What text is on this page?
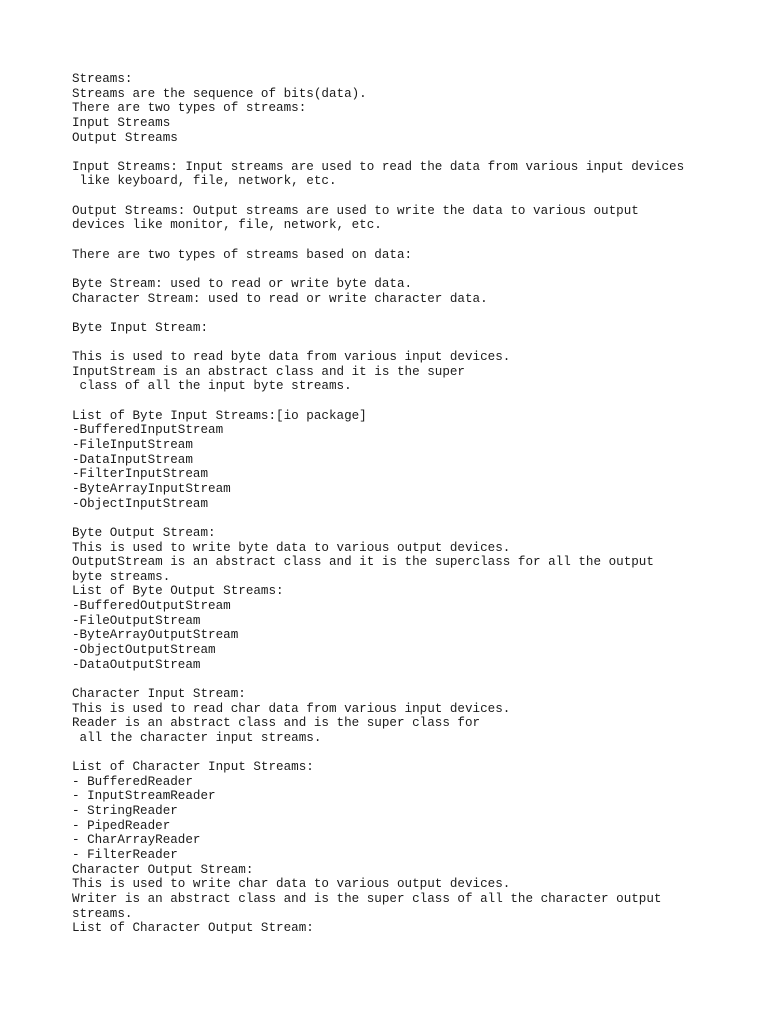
Streams:
Streams are the sequence of bits(data).
There are two types of streams:
Input Streams
Output Streams
Input Streams: Input streams are used to read the data from various input devices
like keyboard, file, network, etc.
Output Streams: Output streams are used to write the data to various output
devices like monitor, file, network, etc.
There are two types of streams based on data:
Byte Stream: used to read or write byte data.
Character Stream: used to read or write character data.
Byte Input Stream:
This is used to read byte data from various input devices.
InputStream is an abstract class and it is the super
class of all the input byte streams.
List of Byte Input Streams:[io package]
-BufferedInputStream
-FileInputStream
-DataInputStream
-FilterInputStream
-ByteArrayInputStream
-ObjectInputStream
Byte Output Stream:
This is used to write byte data to various output devices.
OutputStream is an abstract class and it is the superclass for all the output
byte streams.
List of Byte Output Streams:
-BufferedOutputStream
-FileOutputStream
-ByteArrayOutputStream
-ObjectOutputStream
-DataOutputStream
Character Input Stream:
This is used to read char data from various input devices.
Reader is an abstract class and is the super class for
all the character input streams.
List of Character Input Streams:
- BufferedReader
- InputStreamReader
- StringReader
- PipedReader
- CharArrayReader
- FilterReader
Character Output Stream:
This is used to write char data to various output devices.
Writer is an abstract class and is the super class of all the character output
streams.
List of Character Output Stream:
